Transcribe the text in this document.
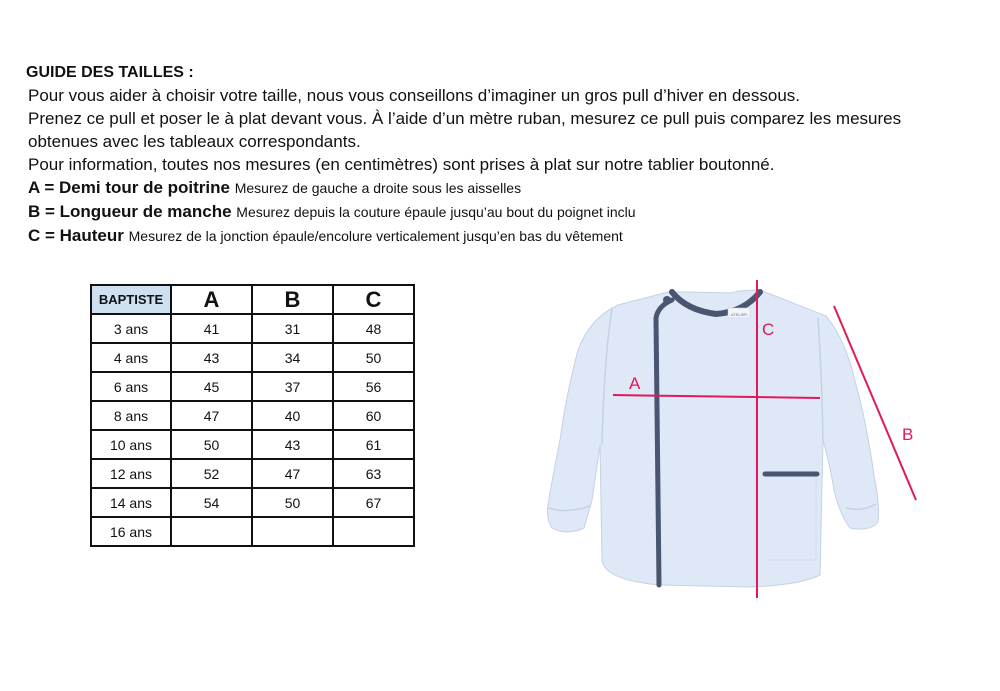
GUIDE DES TAILLES :

Pour vous aider à choisir votre taille, nous vous conseillons d’imaginer un gros pull d’hiver en dessous.

Prenez ce pull et poser le à plat devant vous. À l’aide d’un mètre ruban, mesurez ce pull puis comparez les mesures

obtenues avec les tableaux correspondants.

Pour information, toutes nos mesures (en centimètres) sont prises à plat sur notre tablier boutonné.

A = Demi tour de poitrine Mesurez de gauche a droite sous les aisselles

B = Longueur de manche Mesurez depuis la couture épaule jusqu’au bout du poignet inclu

C = Hauteur Mesurez de la jonction épaule/encolure verticalement jusqu’en bas du vêtement

BAPTISTE	A	B	C
3 ans	41	31	48
4 ans	43	34	50
6 ans	45	37	56
8 ans	47	40	60
10 ans	50	43	61
12 ans	52	47	63
14 ans	54	50	67
16 ans			
ATELIER
A
C
B
